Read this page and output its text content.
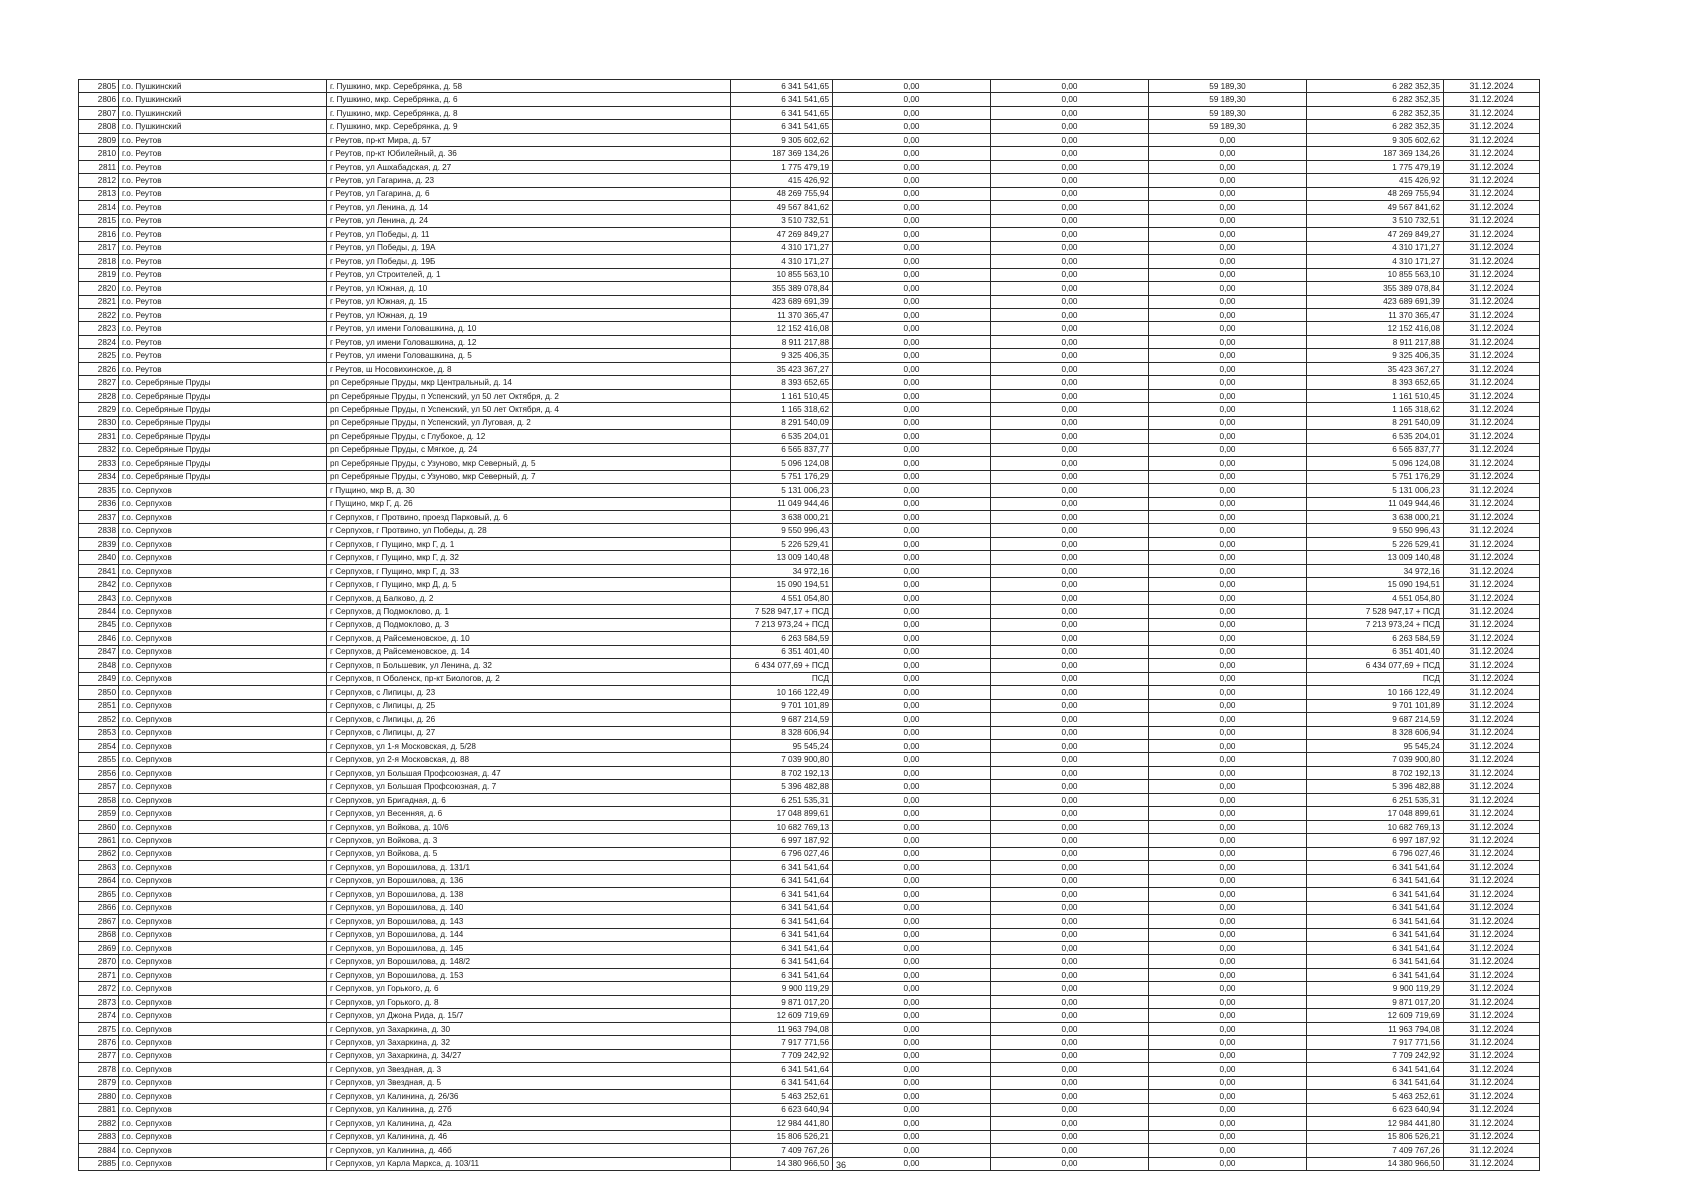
2805	г.о. Пушкинский	г. Пушкино, мкр. Серебрянка, д. 58	6 341 541,65	0,00	0,00	59 189,30	6 282 352,35	31.12.2024
2806	г.о. Пушкинский	г. Пушкино, мкр. Серебрянка, д. 6	6 341 541,65	0,00	0,00	59 189,30	6 282 352,35	31.12.2024
2807	г.о. Пушкинский	г. Пушкино, мкр. Серебрянка, д. 8	6 341 541,65	0,00	0,00	59 189,30	6 282 352,35	31.12.2024
2808	г.о. Пушкинский	г. Пушкино, мкр. Серебрянка, д. 9	6 341 541,65	0,00	0,00	59 189,30	6 282 352,35	31.12.2024
2809	г.о. Реутов	г Реутов, пр-кт Мира, д. 57	9 305 602,62	0,00	0,00	0,00	9 305 602,62	31.12.2024
2810	г.о. Реутов	г Реутов, пр-кт Юбилейный, д. 36	187 369 134,26	0,00	0,00	0,00	187 369 134,26	31.12.2024
2811	г.о. Реутов	г Реутов, ул Ашхабадская, д. 27	1 775 479,19	0,00	0,00	0,00	1 775 479,19	31.12.2024
2812	г.о. Реутов	г Реутов, ул Гагарина, д. 23	415 426,92	0,00	0,00	0,00	415 426,92	31.12.2024
2813	г.о. Реутов	г Реутов, ул Гагарина, д. 6	48 269 755,94	0,00	0,00	0,00	48 269 755,94	31.12.2024
2814	г.о. Реутов	г Реутов, ул Ленина, д. 14	49 567 841,62	0,00	0,00	0,00	49 567 841,62	31.12.2024
2815	г.о. Реутов	г Реутов, ул Ленина, д. 24	3 510 732,51	0,00	0,00	0,00	3 510 732,51	31.12.2024
2816	г.о. Реутов	г Реутов, ул Победы, д. 11	47 269 849,27	0,00	0,00	0,00	47 269 849,27	31.12.2024
2817	г.о. Реутов	г Реутов, ул Победы, д. 19А	4 310 171,27	0,00	0,00	0,00	4 310 171,27	31.12.2024
2818	г.о. Реутов	г Реутов, ул Победы, д. 19Б	4 310 171,27	0,00	0,00	0,00	4 310 171,27	31.12.2024
2819	г.о. Реутов	г Реутов, ул Строителей, д. 1	10 855 563,10	0,00	0,00	0,00	10 855 563,10	31.12.2024
2820	г.о. Реутов	г Реутов, ул Южная, д. 10	355 389 078,84	0,00	0,00	0,00	355 389 078,84	31.12.2024
2821	г.о. Реутов	г Реутов, ул Южная, д. 15	423 689 691,39	0,00	0,00	0,00	423 689 691,39	31.12.2024
2822	г.о. Реутов	г Реутов, ул Южная, д. 19	11 370 365,47	0,00	0,00	0,00	11 370 365,47	31.12.2024
2823	г.о. Реутов	г Реутов, ул имени Головашкина, д. 10	12 152 416,08	0,00	0,00	0,00	12 152 416,08	31.12.2024
2824	г.о. Реутов	г Реутов, ул имени Головашкина, д. 12	8 911 217,88	0,00	0,00	0,00	8 911 217,88	31.12.2024
2825	г.о. Реутов	г Реутов, ул имени Головашкина, д. 5	9 325 406,35	0,00	0,00	0,00	9 325 406,35	31.12.2024
2826	г.о. Реутов	г Реутов, ш Носовихинское, д. 8	35 423 367,27	0,00	0,00	0,00	35 423 367,27	31.12.2024
2827	г.о. Серебряные Пруды	рп Серебряные Пруды, мкр Центральный, д. 14	8 393 652,65	0,00	0,00	0,00	8 393 652,65	31.12.2024
2828	г.о. Серебряные Пруды	рп Серебряные Пруды, п Успенский, ул 50 лет Октября, д. 2	1 161 510,45	0,00	0,00	0,00	1 161 510,45	31.12.2024
2829	г.о. Серебряные Пруды	рп Серебряные Пруды, п Успенский, ул 50 лет Октября, д. 4	1 165 318,62	0,00	0,00	0,00	1 165 318,62	31.12.2024
2830	г.о. Серебряные Пруды	рп Серебряные Пруды, п Успенский, ул Луговая, д. 2	8 291 540,09	0,00	0,00	0,00	8 291 540,09	31.12.2024
2831	г.о. Серебряные Пруды	рп Серебряные Пруды, с Глубокое, д. 12	6 535 204,01	0,00	0,00	0,00	6 535 204,01	31.12.2024
2832	г.о. Серебряные Пруды	рп Серебряные Пруды, с Мягкое, д. 24	6 565 837,77	0,00	0,00	0,00	6 565 837,77	31.12.2024
2833	г.о. Серебряные Пруды	рп Серебряные Пруды, с Узуново, мкр Северный, д. 5	5 096 124,08	0,00	0,00	0,00	5 096 124,08	31.12.2024
2834	г.о. Серебряные Пруды	рп Серебряные Пруды, с Узуново, мкр Северный, д. 7	5 751 176,29	0,00	0,00	0,00	5 751 176,29	31.12.2024
2835	г.о. Серпухов	г Пущино, мкр В, д. 30	5 131 006,23	0,00	0,00	0,00	5 131 006,23	31.12.2024
2836	г.о. Серпухов	г Пущино, мкр Г, д. 26	11 049 944,46	0,00	0,00	0,00	11 049 944,46	31.12.2024
2837	г.о. Серпухов	г Серпухов, г Протвино, проезд Парковый, д. 6	3 638 000,21	0,00	0,00	0,00	3 638 000,21	31.12.2024
2838	г.о. Серпухов	г Серпухов, г Протвино, ул Победы, д. 28	9 550 996,43	0,00	0,00	0,00	9 550 996,43	31.12.2024
2839	г.о. Серпухов	г Серпухов, г Пущино, мкр Г, д. 1	5 226 529,41	0,00	0,00	0,00	5 226 529,41	31.12.2024
2840	г.о. Серпухов	г Серпухов, г Пущино, мкр Г, д. 32	13 009 140,48	0,00	0,00	0,00	13 009 140,48	31.12.2024
2841	г.о. Серпухов	г Серпухов, г Пущино, мкр Г, д. 33	34 972,16	0,00	0,00	0,00	34 972,16	31.12.2024
2842	г.о. Серпухов	г Серпухов, г Пущино, мкр Д, д. 5	15 090 194,51	0,00	0,00	0,00	15 090 194,51	31.12.2024
2843	г.о. Серпухов	г Серпухов, д Балково, д. 2	4 551 054,80	0,00	0,00	0,00	4 551 054,80	31.12.2024
2844	г.о. Серпухов	г Серпухов, д Подмоклово, д. 1	7 528 947,17 + ПСД	0,00	0,00	0,00	7 528 947,17 + ПСД	31.12.2024
2845	г.о. Серпухов	г Серпухов, д Подмоклово, д. 3	7 213 973,24 + ПСД	0,00	0,00	0,00	7 213 973,24 + ПСД	31.12.2024
2846	г.о. Серпухов	г Серпухов, д Райсеменовское, д. 10	6 263 584,59	0,00	0,00	0,00	6 263 584,59	31.12.2024
2847	г.о. Серпухов	г Серпухов, д Райсеменовское, д. 14	6 351 401,40	0,00	0,00	0,00	6 351 401,40	31.12.2024
2848	г.о. Серпухов	г Серпухов, п Большевик, ул Ленина, д. 32	6 434 077,69 + ПСД	0,00	0,00	0,00	6 434 077,69 + ПСД	31.12.2024
2849	г.о. Серпухов	г Серпухов, п Оболенск, пр-кт Биологов, д. 2	ПСД	0,00	0,00	0,00	ПСД	31.12.2024
2850	г.о. Серпухов	г Серпухов, с Липицы, д. 23	10 166 122,49	0,00	0,00	0,00	10 166 122,49	31.12.2024
2851	г.о. Серпухов	г Серпухов, с Липицы, д. 25	9 701 101,89	0,00	0,00	0,00	9 701 101,89	31.12.2024
2852	г.о. Серпухов	г Серпухов, с Липицы, д. 26	9 687 214,59	0,00	0,00	0,00	9 687 214,59	31.12.2024
2853	г.о. Серпухов	г Серпухов, с Липицы, д. 27	8 328 606,94	0,00	0,00	0,00	8 328 606,94	31.12.2024
2854	г.о. Серпухов	г Серпухов, ул 1-я Московская, д. 5/28	95 545,24	0,00	0,00	0,00	95 545,24	31.12.2024
2855	г.о. Серпухов	г Серпухов, ул 2-я Московская, д. 88	7 039 900,80	0,00	0,00	0,00	7 039 900,80	31.12.2024
2856	г.о. Серпухов	г Серпухов, ул Большая Профсоюзная, д. 47	8 702 192,13	0,00	0,00	0,00	8 702 192,13	31.12.2024
2857	г.о. Серпухов	г Серпухов, ул Большая Профсоюзная, д. 7	5 396 482,88	0,00	0,00	0,00	5 396 482,88	31.12.2024
2858	г.о. Серпухов	г Серпухов, ул Бригадная, д. 6	6 251 535,31	0,00	0,00	0,00	6 251 535,31	31.12.2024
2859	г.о. Серпухов	г Серпухов, ул Весенняя, д. 6	17 048 899,61	0,00	0,00	0,00	17 048 899,61	31.12.2024
2860	г.о. Серпухов	г Серпухов, ул Войкова, д. 10/6	10 682 769,13	0,00	0,00	0,00	10 682 769,13	31.12.2024
2861	г.о. Серпухов	г Серпухов, ул Войкова, д. 3	6 997 187,92	0,00	0,00	0,00	6 997 187,92	31.12.2024
2862	г.о. Серпухов	г Серпухов, ул Войкова, д. 5	6 796 027,46	0,00	0,00	0,00	6 796 027,46	31.12.2024
2863	г.о. Серпухов	г Серпухов, ул Ворошилова, д. 131/1	6 341 541,64	0,00	0,00	0,00	6 341 541,64	31.12.2024
2864	г.о. Серпухов	г Серпухов, ул Ворошилова, д. 136	6 341 541,64	0,00	0,00	0,00	6 341 541,64	31.12.2024
2865	г.о. Серпухов	г Серпухов, ул Ворошилова, д. 138	6 341 541,64	0,00	0,00	0,00	6 341 541,64	31.12.2024
2866	г.о. Серпухов	г Серпухов, ул Ворошилова, д. 140	6 341 541,64	0,00	0,00	0,00	6 341 541,64	31.12.2024
2867	г.о. Серпухов	г Серпухов, ул Ворошилова, д. 143	6 341 541,64	0,00	0,00	0,00	6 341 541,64	31.12.2024
2868	г.о. Серпухов	г Серпухов, ул Ворошилова, д. 144	6 341 541,64	0,00	0,00	0,00	6 341 541,64	31.12.2024
2869	г.о. Серпухов	г Серпухов, ул Ворошилова, д. 145	6 341 541,64	0,00	0,00	0,00	6 341 541,64	31.12.2024
2870	г.о. Серпухов	г Серпухов, ул Ворошилова, д. 148/2	6 341 541,64	0,00	0,00	0,00	6 341 541,64	31.12.2024
2871	г.о. Серпухов	г Серпухов, ул Ворошилова, д. 153	6 341 541,64	0,00	0,00	0,00	6 341 541,64	31.12.2024
2872	г.о. Серпухов	г Серпухов, ул Горького, д. 6	9 900 119,29	0,00	0,00	0,00	9 900 119,29	31.12.2024
2873	г.о. Серпухов	г Серпухов, ул Горького, д. 8	9 871 017,20	0,00	0,00	0,00	9 871 017,20	31.12.2024
2874	г.о. Серпухов	г Серпухов, ул Джона Рида, д. 15/7	12 609 719,69	0,00	0,00	0,00	12 609 719,69	31.12.2024
2875	г.о. Серпухов	г Серпухов, ул Захаркина, д. 30	11 963 794,08	0,00	0,00	0,00	11 963 794,08	31.12.2024
2876	г.о. Серпухов	г Серпухов, ул Захаркина, д. 32	7 917 771,56	0,00	0,00	0,00	7 917 771,56	31.12.2024
2877	г.о. Серпухов	г Серпухов, ул Захаркина, д. 34/27	7 709 242,92	0,00	0,00	0,00	7 709 242,92	31.12.2024
2878	г.о. Серпухов	г Серпухов, ул Звездная, д. 3	6 341 541,64	0,00	0,00	0,00	6 341 541,64	31.12.2024
2879	г.о. Серпухов	г Серпухов, ул Звездная, д. 5	6 341 541,64	0,00	0,00	0,00	6 341 541,64	31.12.2024
2880	г.о. Серпухов	г Серпухов, ул Калинина, д. 26/36	5 463 252,61	0,00	0,00	0,00	5 463 252,61	31.12.2024
2881	г.о. Серпухов	г Серпухов, ул Калинина, д. 27б	6 623 640,94	0,00	0,00	0,00	6 623 640,94	31.12.2024
2882	г.о. Серпухов	г Серпухов, ул Калинина, д. 42а	12 984 441,80	0,00	0,00	0,00	12 984 441,80	31.12.2024
2883	г.о. Серпухов	г Серпухов, ул Калинина, д. 46	15 806 526,21	0,00	0,00	0,00	15 806 526,21	31.12.2024
2884	г.о. Серпухов	г Серпухов, ул Калинина, д. 46б	7 409 767,26	0,00	0,00	0,00	7 409 767,26	31.12.2024
2885	г.о. Серпухов	г Серпухов, ул Карла Маркса, д. 103/11	14 380 966,50	0,00	0,00	0,00	14 380 966,50	31.12.2024
36
